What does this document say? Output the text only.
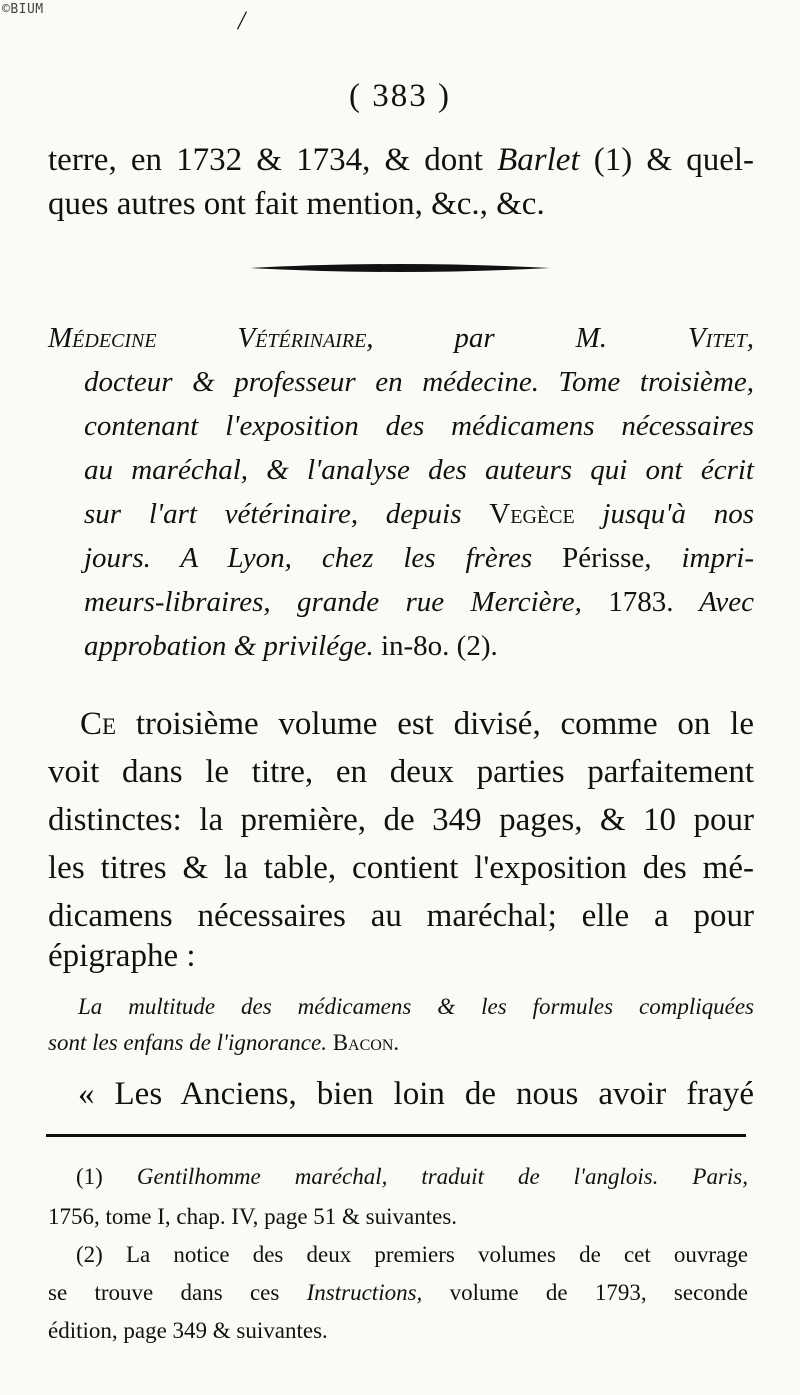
©BIUM	/
( 383 )
terre, en 1732 & 1734, & dont Barlet (1) & quel-
ques autres ont fait mention, &c., &c.
Médecine Vétérinaire, par M.	Vitet,
docteur & professeur en médecine. Tome troisième,
contenant l'exposition des médicamens nécessaires
au maréchal, & l'analyse des auteurs qui ont écrit
sur l'art vétérinaire, depuis Vegèce jusqu'à nos
jours. A Lyon, chez les frères Périsse, impri-
meurs-libraires, grande rue Mercière, 1783. Avec
approbation & privilége. in-8o. (2).
Ce troisième volume est divisé, comme on le
voit dans le titre, en deux parties parfaitement
distinctes: la première, de 349 pages, & 10 pour
les titres & la table, contient l'exposition des mé-
dicamens nécessaires au maréchal; elle a pour
épigraphe :
La multitude des médicamens & les formules compliquées
sont les enfans de l'ignorance. Bacon.
« Les Anciens, bien loin de nous avoir frayé
(1) Gentilhomme maréchal, traduit de l'anglois. Paris,
1756, tome I, chap. IV, page 51 & suivantes.
(2) La notice des deux premiers volumes de cet ouvrage
se trouve dans ces Instructions, volume de 1793, seconde
édition, page 349 & suivantes.
